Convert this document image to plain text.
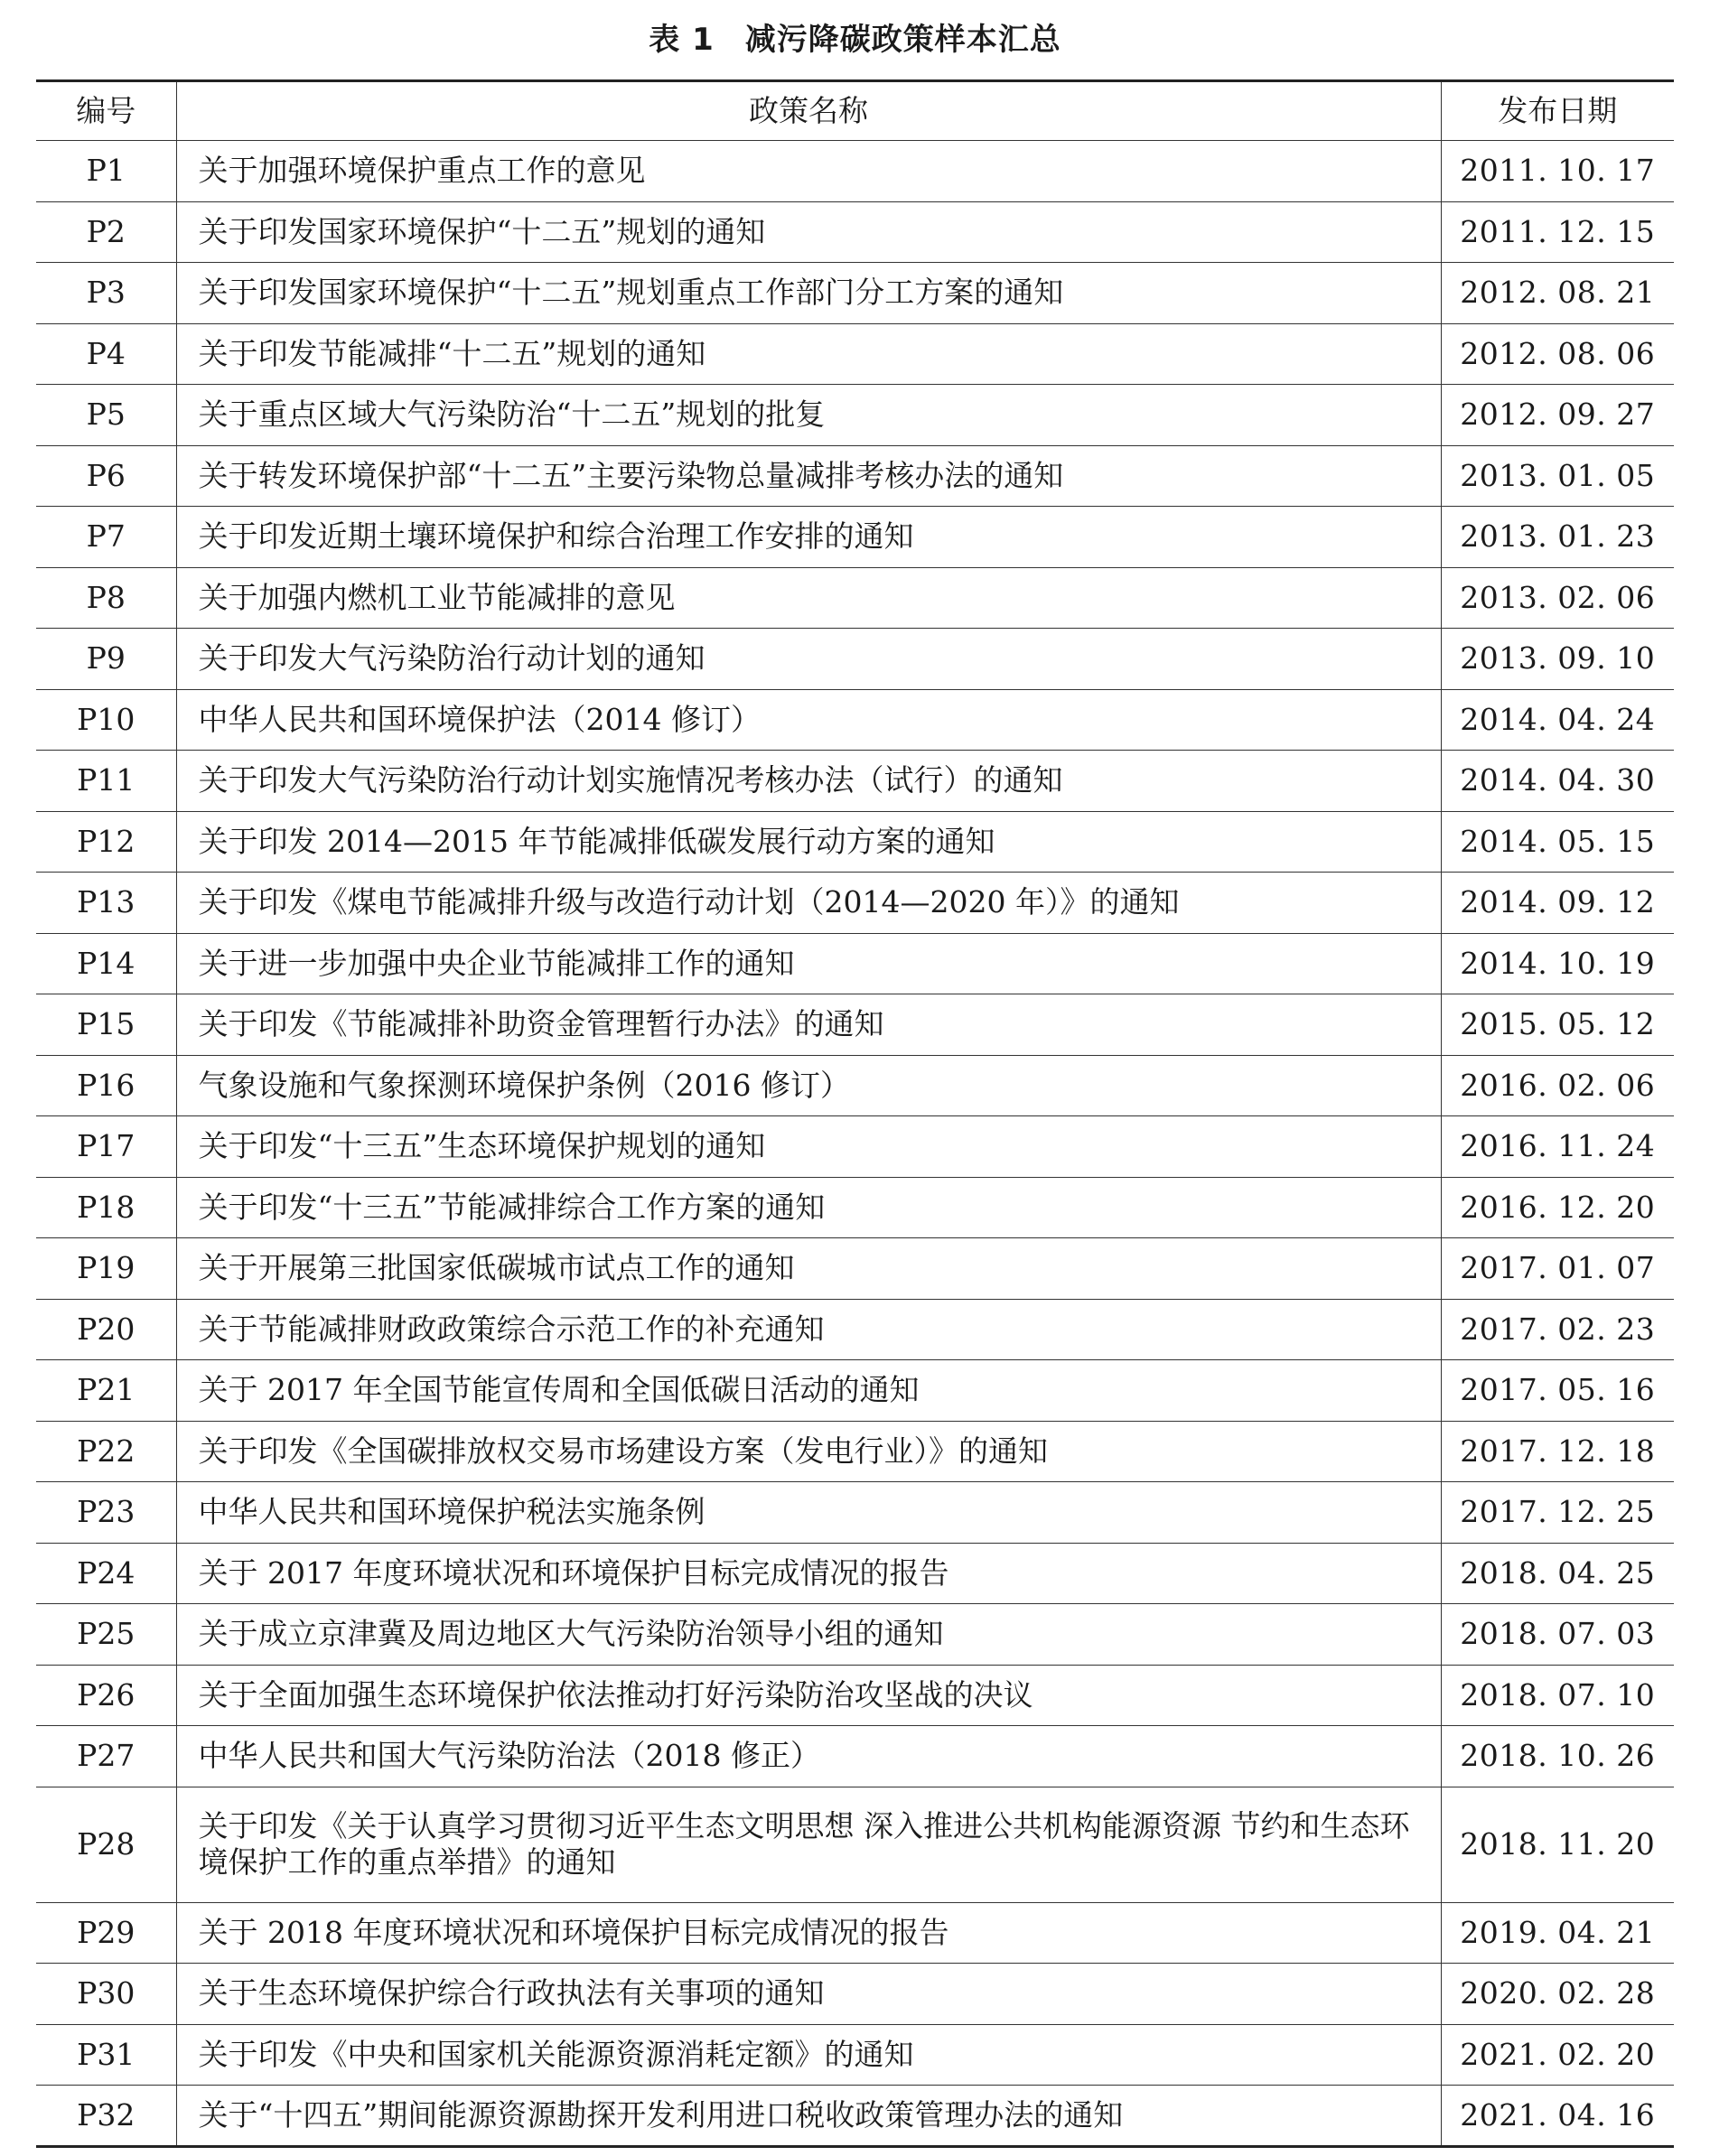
表 1 减污降碳政策样本汇总
编号	政策名称	发布日期
P1	关于加强环境保护重点工作的意见	2011. 10. 17
P2	关于印发国家环境保护“十二五”规划的通知	2011. 12. 15
P3	关于印发国家环境保护“十二五”规划重点工作部门分工方案的通知	2012. 08. 21
P4	关于印发节能减排“十二五”规划的通知	2012. 08. 06
P5	关于重点区域大气污染防治“十二五”规划的批复	2012. 09. 27
P6	关于转发环境保护部“十二五”主要污染物总量减排考核办法的通知	2013. 01. 05
P7	关于印发近期土壤环境保护和综合治理工作安排的通知	2013. 01. 23
P8	关于加强内燃机工业节能减排的意见	2013. 02. 06
P9	关于印发大气污染防治行动计划的通知	2013. 09. 10
P10	中华人民共和国环境保护法（2014 修订）	2014. 04. 24
P11	关于印发大气污染防治行动计划实施情况考核办法（试行）的通知	2014. 04. 30
P12	关于印发 2014—2015 年节能减排低碳发展行动方案的通知	2014. 05. 15
P13	关于印发《煤电节能减排升级与改造行动计划（2014—2020 年）》的通知	2014. 09. 12
P14	关于进一步加强中央企业节能减排工作的通知	2014. 10. 19
P15	关于印发《节能减排补助资金管理暂行办法》的通知	2015. 05. 12
P16	气象设施和气象探测环境保护条例（2016 修订）	2016. 02. 06
P17	关于印发“十三五”生态环境保护规划的通知	2016. 11. 24
P18	关于印发“十三五”节能减排综合工作方案的通知	2016. 12. 20
P19	关于开展第三批国家低碳城市试点工作的通知	2017. 01. 07
P20	关于节能减排财政政策综合示范工作的补充通知	2017. 02. 23
P21	关于 2017 年全国节能宣传周和全国低碳日活动的通知	2017. 05. 16
P22	关于印发《全国碳排放权交易市场建设方案（发电行业）》的通知	2017. 12. 18
P23	中华人民共和国环境保护税法实施条例	2017. 12. 25
P24	关于 2017 年度环境状况和环境保护目标完成情况的报告	2018. 04. 25
P25	关于成立京津冀及周边地区大气污染防治领导小组的通知	2018. 07. 03
P26	关于全面加强生态环境保护依法推动打好污染防治攻坚战的决议	2018. 07. 10
P27	中华人民共和国大气污染防治法（2018 修正）	2018. 10. 26
P28	关于印发《关于认真学习贯彻习近平生态文明思想 深入推进公共机构能源资源 节约和生态环境保护工作的重点举措》的通知	2018. 11. 20
P29	关于 2018 年度环境状况和环境保护目标完成情况的报告	2019. 04. 21
P30	关于生态环境保护综合行政执法有关事项的通知	2020. 02. 28
P31	关于印发《中央和国家机关能源资源消耗定额》的通知	2021. 02. 20
P32	关于“十四五”期间能源资源勘探开发利用进口税收政策管理办法的通知	2021. 04. 16
